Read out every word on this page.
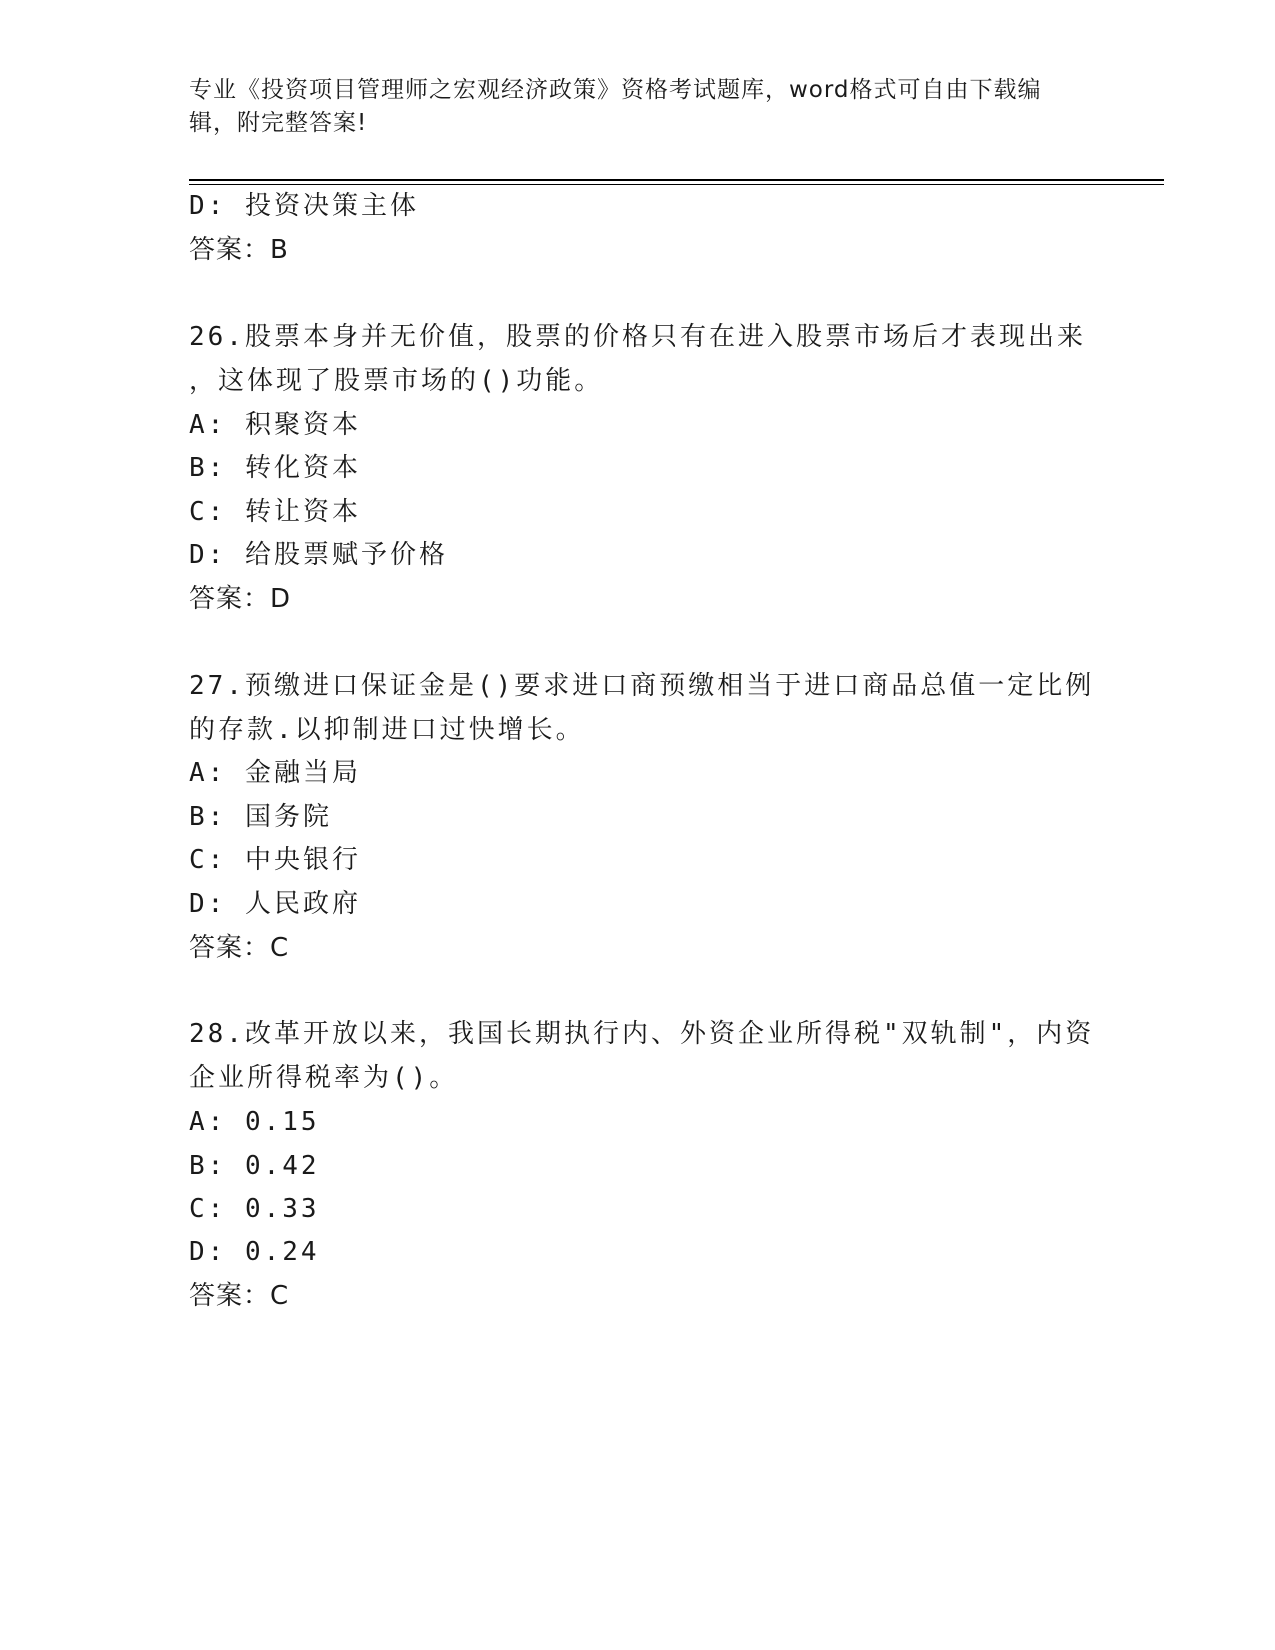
专业《投资项目管理师之宏观经济政策》资格考试题库，word格式可自由下载编
辑，附完整答案!
D: 投资决策主体
答案：B
26.股票本身并无价值，股票的价格只有在进入股票市场后才表现出来
，这体现了股票市场的()功能。
A: 积聚资本
B: 转化资本
C: 转让资本
D: 给股票赋予价格
答案：D
27.预缴进口保证金是()要求进口商预缴相当于进口商品总值一定比例
的存款.以抑制进口过快增长。
A: 金融当局
B: 国务院
C: 中央银行
D: 人民政府
答案：C
28.改革开放以来，我国长期执行内、外资企业所得税"双轨制"，内资
企业所得税率为()。
A: 0.15
B: 0.42
C: 0.33
D: 0.24
答案：C
